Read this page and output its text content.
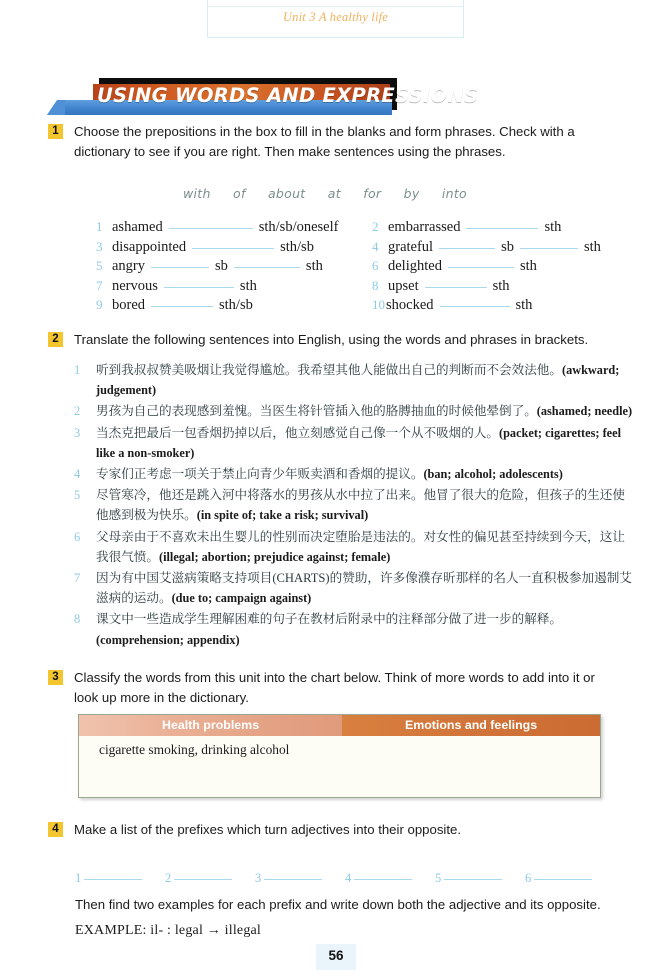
Unit 3 A healthy life
USING WORDS AND EXPRESSIONS
1	Choose the prepositions in the box to fill in the blanks and form phrases. Check with a dictionary to see if you are right. Then make sentences using the phrases.
with of about at for by into
1 ashamed	sth/sb/oneself
3 disappointed	sth/sb
5 angry	sb	sth
7 nervous	sth
9 bored	sth/sb
2 embarrassed	sth
4 grateful	sb	sth
6 delighted	sth
8 upset	sth
10shocked	sth
2	Translate the following sentences into English, using the words and phrases in brackets.
1 听到我叔叔赞美吸烟让我觉得尴尬。我希望其他人能做出自己的判断而不会效法他。(awkward; judgement)
2 男孩为自己的表现感到羞愧。当医生将针管插入他的胳膊抽血的时候他晕倒了。(ashamed; needle)
3 当杰克把最后一包香烟扔掉以后，他立刻感觉自己像一个从不吸烟的人。(packet; cigarettes; feel like a non-smoker)
4 专家们正考虑一项关于禁止向青少年贩卖酒和香烟的提议。(ban; alcohol; adolescents)
5 尽管寒冷，他还是跳入河中将落水的男孩从水中拉了出来。他冒了很大的危险，但孩子的生还使他感到极为快乐。(in spite of; take a risk; survival)
6 父母亲由于不喜欢未出生婴儿的性别而决定堕胎是违法的。对女性的偏见甚至持续到今天，这让我很气愤。(illegal; abortion; prejudice against; female)
7 因为有中国艾滋病策略支持项目(CHARTS)的赞助，许多像濮存昕那样的名人一直积极参加遏制艾滋病的运动。(due to; campaign against)
8 课文中一些造成学生理解困难的句子在教材后附录中的注释部分做了进一步的解释。(comprehension; appendix)
3	Classify the words from this unit into the chart below. Think of more words to add into it or look up more in the dictionary.
Health problems	Emotions and feelings
cigarette smoking, drinking alcohol
4	Make a list of the prefixes which turn adjectives into their opposite.
1	2	3	4	5	6
Then find two examples for each prefix and write down both the adjective and its opposite.
EXAMPLE: il- : legal → illegal
56
